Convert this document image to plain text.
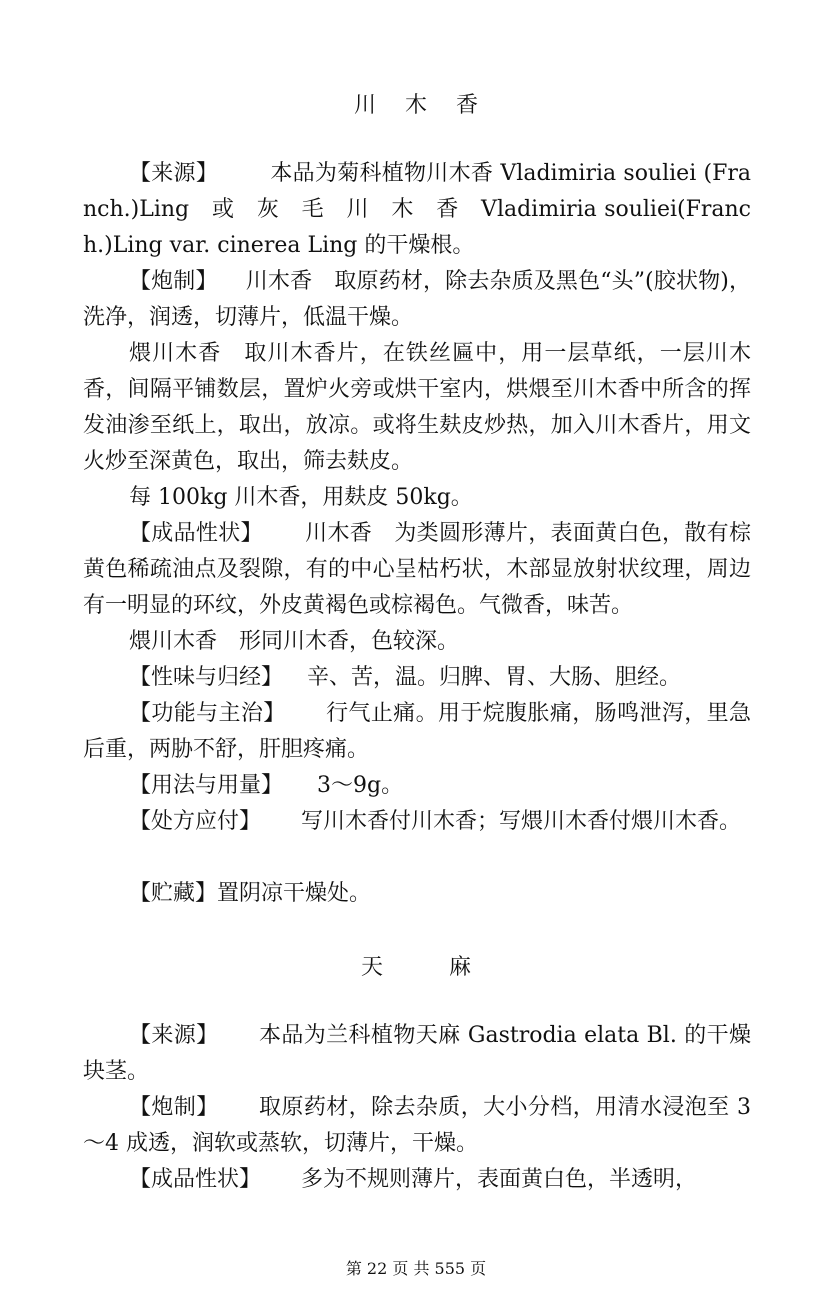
川　 木　 香
【来源】 本品为菊科植物川木香 Vladimiria souliei (Franch.)Ling　或　灰　毛　川　木　香　Vladimiria souliei(Franch.)Ling var. cinerea Ling 的干燥根。
【炮制】 川木香　取原药材，除去杂质及黑色“头”(胶状物)，洗净，润透，切薄片，低温干燥。
煨川木香　取川木香片，在铁丝匾中，用一层草纸，一层川木香，间隔平铺数层，置炉火旁或烘干室内，烘煨至川木香中所含的挥发油渗至纸上，取出，放凉。或将生麸皮炒热，加入川木香片，用文火炒至深黄色，取出，筛去麸皮。
每 100kg 川木香，用麸皮 50kg。
【成品性状】 川木香　为类圆形薄片，表面黄白色，散有棕黄色稀疏油点及裂隙，有的中心呈枯朽状，木部显放射状纹理，周边有一明显的环纹，外皮黄褐色或棕褐色。气微香，味苦。
煨川木香　形同川木香，色较深。
【性味与归经】 辛、苦，温。归脾、胃、大肠、胆经。
【功能与主治】 行气止痛。用于烷腹胀痛，肠鸣泄泻，里急后重，两胁不舒，肝胆疼痛。
【用法与用量】 3～9g。
【处方应付】 写川木香付川木香；写煨川木香付煨川木香。
【贮藏】置阴凉干燥处。
天　　　麻
【来源】 本品为兰科植物天麻 Gastrodia elata Bl. 的干燥块茎。
【炮制】 取原药材，除去杂质，大小分档，用清水浸泡至 3～4 成透，润软或蒸软，切薄片，干燥。
【成品性状】 多为不规则薄片，表面黄白色，半透明，
第 22 页 共 555 页
